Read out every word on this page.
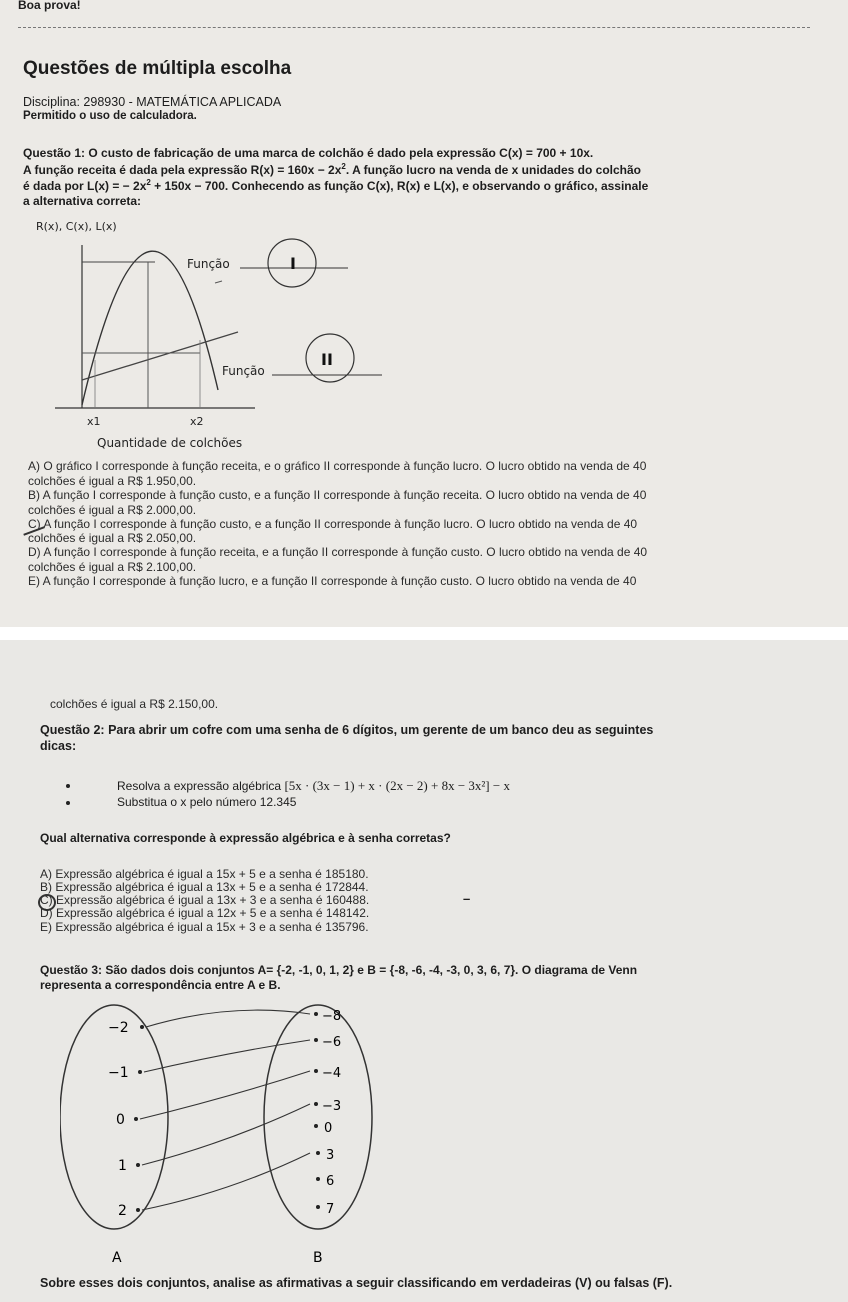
Boa prova!
Questões de múltipla escolha
Disciplina: 298930 - MATEMÁTICA APLICADA
Permitido o uso de calculadora.
Questão 1: O custo de fabricação de uma marca de colchão é dado pela expressão C(x) = 700 + 10x.
A função receita é dada pela expressão $R(x) = 160x - 2x^2$. A função lucro na venda de x unidades do colchão
é dada por L(x) = − $2x^2 + 150x - 700$. Conhecendo as função C(x), R(x) e L(x), e observando o gráfico, assinale
a alternativa correta:
R(x), C(x), L(x)
Função	I
Função
II
x1	x2
Quantidade de colchões
A) O gráfico I corresponde à função receita, e o gráfico II corresponde à função lucro. O lucro obtido na venda de 40
colchões é igual a R$ 1.950,00.
B) A função I corresponde à função custo, e a função II corresponde à função receita. O lucro obtido na venda de 40
colchões é igual a R$ 2.000,00.
C) A função I corresponde à função custo, e a função II corresponde à função lucro. O lucro obtido na venda de 40
colchões é igual a R$ 2.050,00.
D) A função I corresponde à função receita, e a função II corresponde à função custo. O lucro obtido na venda de 40
colchões é igual a R$ 2.100,00.
E) A função I corresponde à função lucro, e a função II corresponde à função custo. O lucro obtido na venda de 40
colchões é igual a R$ 2.150,00.
Questão 2: Para abrir um cofre com uma senha de 6 dígitos, um gerente de um banco deu as seguintes
dicas:
Resolva a expressão algébrica [5x · (3x − 1) + x · (2x − 2) + 8x − 3x²] − x
Substitua o x pelo número 12.345
Qual alternativa corresponde à expressão algébrica e à senha corretas?
A) Expressão algébrica é igual a 15x + 5 e a senha é 185180.
B) Expressão algébrica é igual a 13x + 5 e a senha é 172844.
C) Expressão algébrica é igual a 13x + 3 e a senha é 160488.	–
D) Expressão algébrica é igual a 12x + 5 e a senha é 148142.
E) Expressão algébrica é igual a 15x + 3 e a senha é 135796.
Questão 3: São dados dois conjuntos A= {-2, -1, 0, 1, 2} e B = {-8, -6, -4, -3, 0, 3, 6, 7}. O diagrama de Venn
representa a correspondência entre A e B.
−2
−1
0
1
2
−8
−6
−4
−3
0
3
6
7
A	B
Sobre esses dois conjuntos, analise as afirmativas a seguir classificando em verdadeiras (V) ou falsas (F).
